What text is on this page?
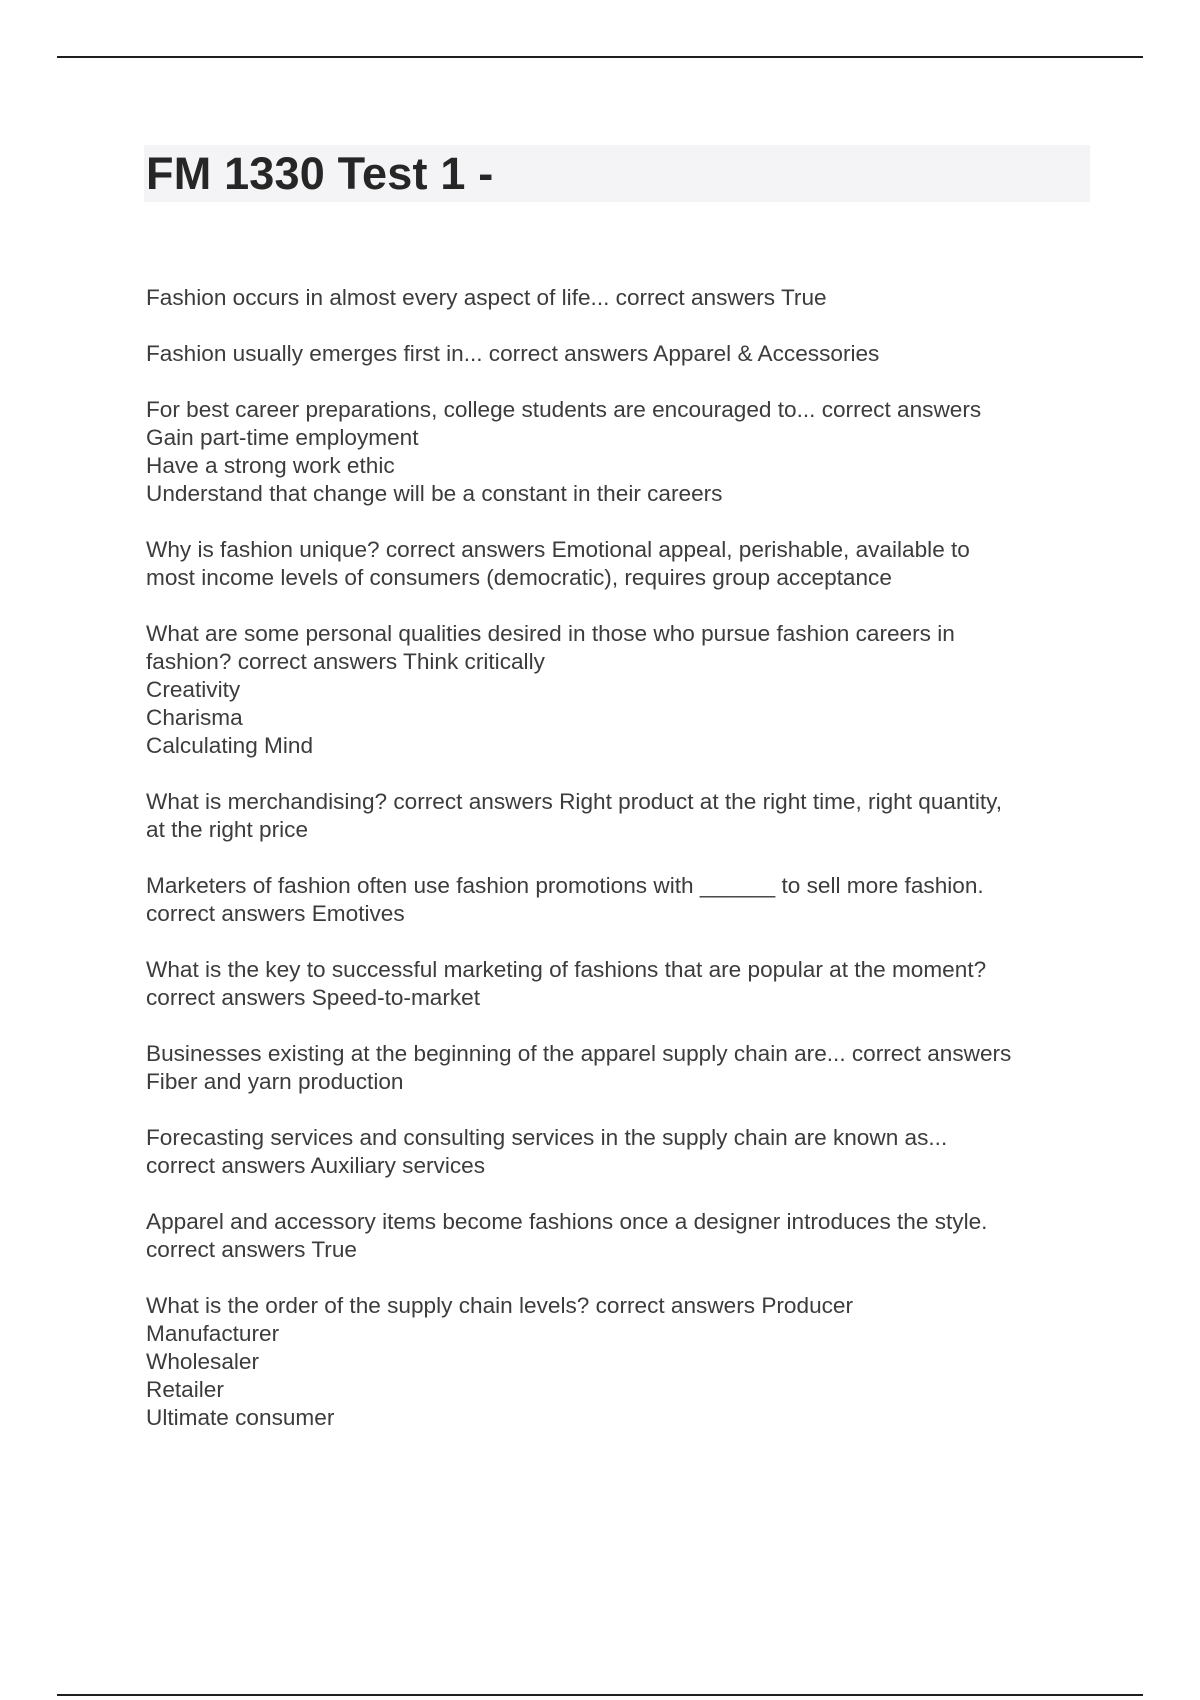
FM 1330 Test 1 -
Fashion occurs in almost every aspect of life... correct answers True
Fashion usually emerges first in... correct answers Apparel & Accessories
For best career preparations, college students are encouraged to... correct answers
Gain part-time employment
Have a strong work ethic
Understand that change will be a constant in their careers
Why is fashion unique? correct answers Emotional appeal, perishable, available to
most income levels of consumers (democratic), requires group acceptance
What are some personal qualities desired in those who pursue fashion careers in
fashion? correct answers Think critically
Creativity
Charisma
Calculating Mind
What is merchandising? correct answers Right product at the right time, right quantity,
at the right price
Marketers of fashion often use fashion promotions with ______ to sell more fashion.
correct answers Emotives
What is the key to successful marketing of fashions that are popular at the moment?
correct answers Speed-to-market
Businesses existing at the beginning of the apparel supply chain are... correct answers
Fiber and yarn production
Forecasting services and consulting services in the supply chain are known as...
correct answers Auxiliary services
Apparel and accessory items become fashions once a designer introduces the style.
correct answers True
What is the order of the supply chain levels? correct answers Producer
Manufacturer
Wholesaler
Retailer
Ultimate consumer
